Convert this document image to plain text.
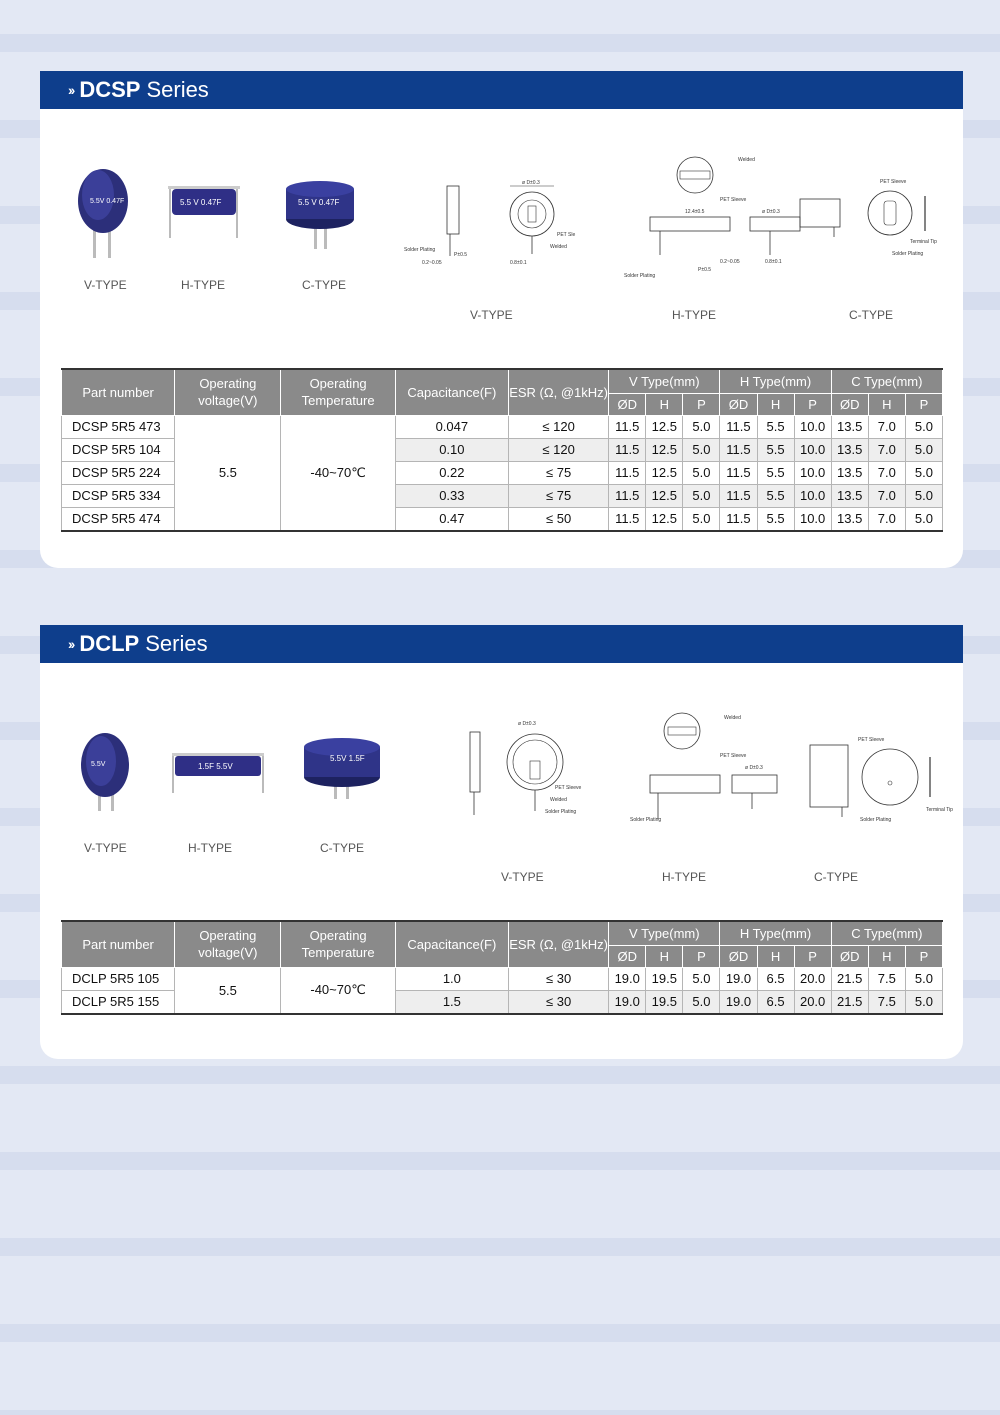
›› DCSP Series
5.5V 0.47F	5.5 V 0.47F	5.5 V 0.47F
V-TYPE	H-TYPE	C-TYPE
ø D±0.3
PET Sle
Welded
Solder Plating
0.2~0.05
P±0.5
0.8±0.1
Welded
PET Sleeve
12.4±0.5	ø D±0.3
Solder Plating
P±0.5
0.2~0.05	0.8±0.1
PET Sleeve
Solder Plating
Terminal Tip
V-TYPE	H-TYPE	C-TYPE
Part number	Operating voltage(V)	Operating Temperature	Capacitance(F)	ESR (Ω, @1kHz)	V Type(mm)			H Type(mm)			C Type(mm)		
					ØD	H	P	ØD	H	P	ØD	H	P
DCSP 5R5 473	5.5	-40~70℃	0.047	≤ 120	11.5	12.5	5.0	11.5	5.5	10.0	13.5	7.0	5.0
DCSP 5R5 104			0.10	≤ 120	11.5	12.5	5.0	11.5	5.5	10.0	13.5	7.0	5.0
DCSP 5R5 224			0.22	≤ 75	11.5	12.5	5.0	11.5	5.5	10.0	13.5	7.0	5.0
DCSP 5R5 334			0.33	≤ 75	11.5	12.5	5.0	11.5	5.5	10.0	13.5	7.0	5.0
DCSP 5R5 474			0.47	≤ 50	11.5	12.5	5.0	11.5	5.5	10.0	13.5	7.0	5.0
›› DCLP Series
5.5V	1.5F 5.5V
5.5V 1.5F
V-TYPE	H-TYPE	C-TYPE
ø D±0.3
PET Sleeve
Welded
Solder Plating
Welded
PET Sleeve
ø D±0.3
Solder Plating
PET Sleeve
Solder Plating
Terminal Tip
V-TYPE	H-TYPE	C-TYPE
Part number	Operating voltage(V)	Operating Temperature	Capacitance(F)	ESR (Ω, @1kHz)	V Type(mm)			H Type(mm)			C Type(mm)		
					ØD	H	P	ØD	H	P	ØD	H	P
DCLP 5R5 105	5.5	-40~70℃	1.0	≤ 30	19.0	19.5	5.0	19.0	6.5	20.0	21.5	7.5	5.0
DCLP 5R5 155			1.5	≤ 30	19.0	19.5	5.0	19.0	6.5	20.0	21.5	7.5	5.0
